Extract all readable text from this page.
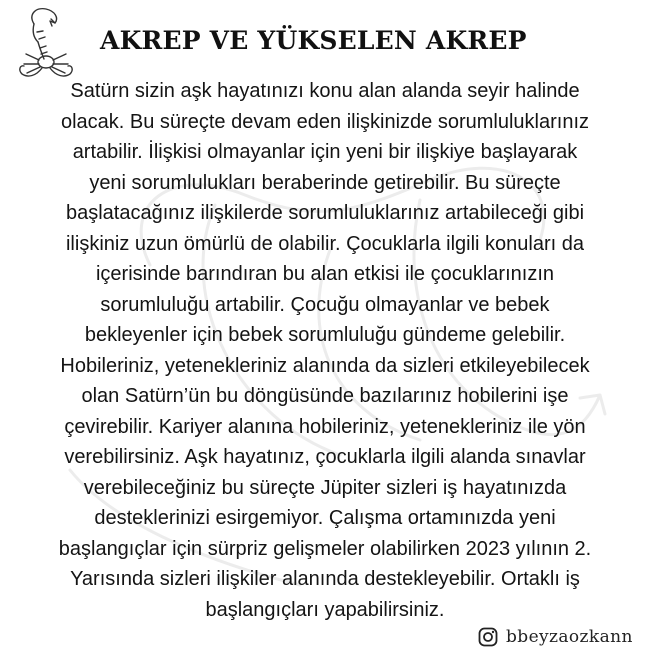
AKREP VE YÜKSELEN AKREP
Satürn sizin aşk hayatınızı konu alan alanda seyir halinde
olacak. Bu süreçte devam eden ilişkinizde sorumluluklarınız
artabilir. İlişkisi olmayanlar için yeni bir ilişkiye başlayarak
yeni sorumlulukları beraberinde getirebilir. Bu süreçte
başlatacağınız ilişkilerde sorumluluklarınız artabileceği gibi
ilişkiniz uzun ömürlü de olabilir. Çocuklarla ilgili konuları da
içerisinde barındıran bu alan etkisi ile çocuklarınızın
sorumluluğu artabilir. Çocuğu olmayanlar ve bebek
bekleyenler için bebek sorumluluğu gündeme gelebilir.
Hobileriniz, yetenekleriniz alanında da sizleri etkileyebilecek
olan Satürn’ün bu döngüsünde bazılarınız hobilerini işe
çevirebilir. Kariyer alanına hobileriniz, yetenekleriniz ile yön
verebilirsiniz. Aşk hayatınız, çocuklarla ilgili alanda sınavlar
verebileceğiniz bu süreçte Jüpiter sizleri iş hayatınızda
desteklerinizi esirgemiyor. Çalışma ortamınızda yeni
başlangıçlar için sürpriz gelişmeler olabilirken 2023 yılının 2.
Yarısında sizleri ilişkiler alanında destekleyebilir. Ortaklı iş
başlangıçları yapabilirsiniz.
bbeyzaozkann
